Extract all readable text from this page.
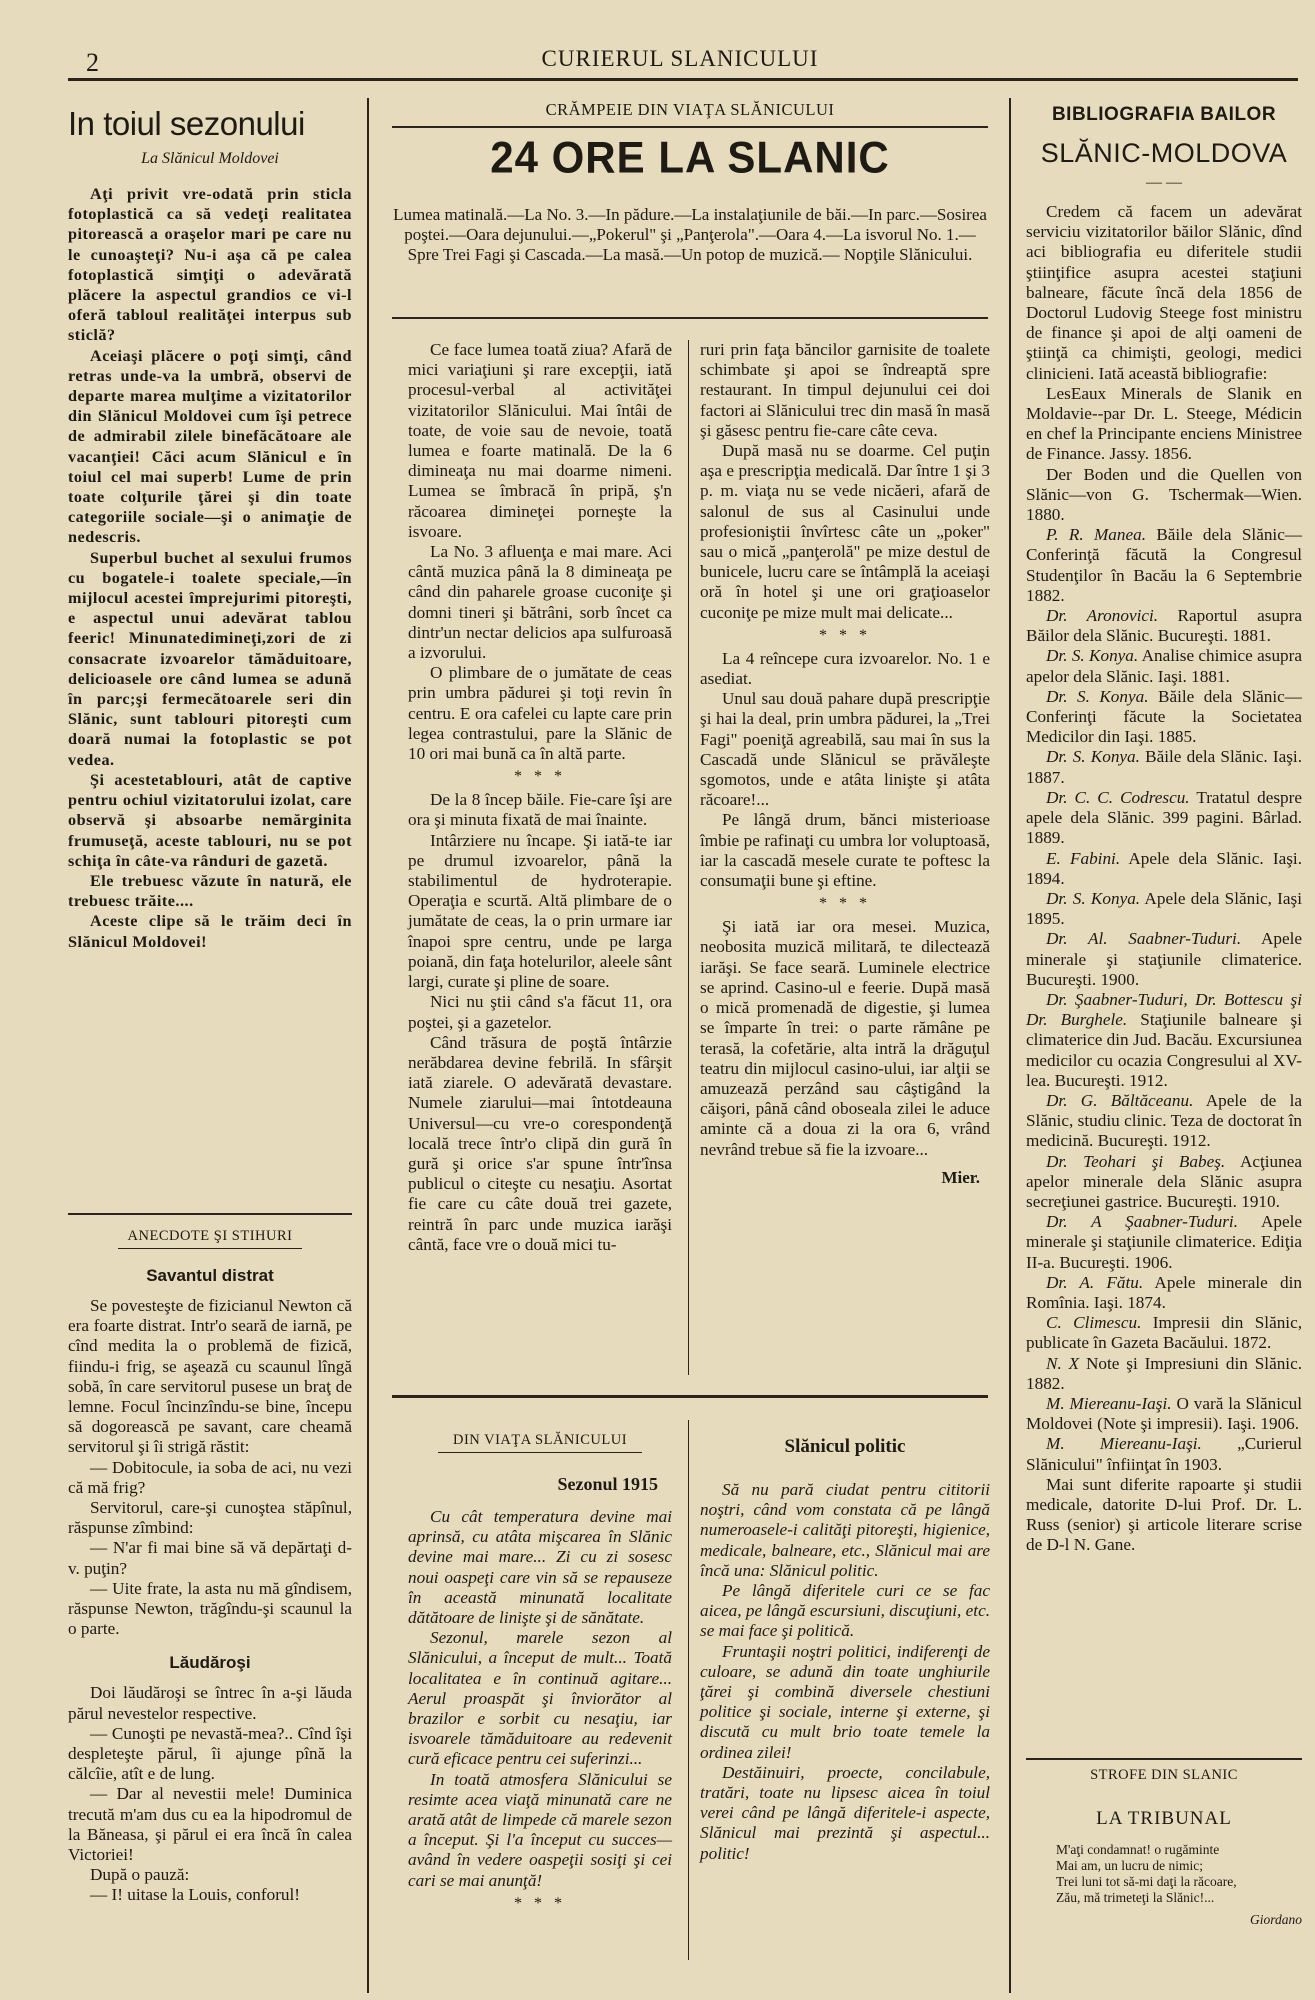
2	CURIERUL SLANICULUI
In toiul sezonului
La Slănicul Moldovei

Aţi privit vre-odată prin sticla fotoplastică ca să vedeţi realitatea pitorească a oraşelor mari pe care nu le cunoaşteţi? Nu-i aşa că pe calea fotoplastică simţiţi o adevărată plăcere la aspectul grandios ce vi-l oferă tabloul realităţei interpus sub sticlă?

Aceiaşi plăcere o poţi simţi, când retras unde-va la umbră, observi de departe marea mulţime a vizitatorilor din Slănicul Moldovei cum îşi petrece de admirabil zilele binefăcătoare ale vacanţiei! Căci acum Slănicul e în toiul cel mai superb! Lume de prin toate colţurile ţărei şi din toate categoriile sociale—şi o animaţie de nedescris.

Superbul buchet al sexului frumos cu bogatele-i toalete speciale,—în mijlocul acestei împrejurimi pitoreşti, e aspectul unui adevărat tablou feeric! Minunatedimineţi,zori de zi consacrate izvoarelor tămăduitoare, delicioasele ore când lumea se adună în parc;şi fermecătoarele seri din Slănic, sunt tablouri pitoreşti cum doară numai la fotoplastic se pot vedea.

Şi acestetablouri, atât de captive pentru ochiul vizitatorului izolat, care observă şi absoarbe nemărginita frumuseţă, aceste tablouri, nu se pot schiţa în câte-va rânduri de gazetă.

Ele trebuesc văzute în natură, ele trebuesc trăite....

Aceste clipe să le trăim deci în Slănicul Moldovei!

ANECDOTE ŞI STIHURI
Savantul distrat

Se povesteşte de fizicianul Newton că era foarte distrat. Intr'o seară de iarnă, pe cînd medita la o problemă de fizică, fiindu-i frig, se aşează cu scaunul lîngă sobă, în care servitorul pusese un braţ de lemne. Focul încinzîndu-se bine, începu să dogorească pe savant, care cheamă servitorul şi îi strigă răstit:

— Dobitocule, ia soba de aci, nu vezi că mă frig?

Servitorul, care-şi cunoştea stăpînul, răspunse zîmbind:

— N'ar fi mai bine să vă depărtaţi d-v. puţin?

— Uite frate, la asta nu mă gîndisem, răspunse Newton, trăgîndu-şi scaunul la o parte.

Lăudăroşi

Doi lăudăroşi se întrec în a-şi lăuda părul nevestelor respective.

— Cunoşti pe nevastă-mea?.. Cînd îşi despleteşte părul, îi ajunge pînă la călcîie, atît e de lung.

— Dar al nevestii mele! Duminica trecută m'am dus cu ea la hipodromul de la Băneasa, şi părul ei era încă în calea Victoriei!

După o pauză:

— I! uitase la Louis, conforul!

CRĂMPEIE DIN VIAŢA SLĂNICULUI
24 ORE LA SLANIC
Lumea matinală.—La No. 3.—In pădure.—La instalaţiunile de băi.—In parc.—Sosirea poştei.—Oara dejunului.—„Pokerul" şi „Panţerola".—Oara 4.—La isvorul No. 1.—Spre Trei Fagi şi Cascada.—La masă.—Un potop de muzică.— Nopţile Slănicului.

Ce face lumea toată ziua? Afară de mici variaţiuni şi rare excepţii, iată procesul-verbal al activităţei vizitatorilor Slănicului. Mai întâi de toate, de voie sau de nevoie, toată lumea e foarte matinală. De la 6 dimineaţa nu mai doarme nimeni. Lumea se îmbracă în pripă, ş'n răcoarea dimineţei porneşte la isvoare.

La No. 3 afluenţa e mai mare. Aci cântă muzica până la 8 dimineaţa pe când din paharele groase cuconiţe şi domni tineri şi bătrâni, sorb încet ca dintr'un nectar delicios apa sulfuroasă a izvorului.

O plimbare de o jumătate de ceas prin umbra pădurei şi toţi revin în centru. E ora cafelei cu lapte care prin legea contrastului, pare la Slănic de 10 ori mai bună ca în altă parte.

* * *

De la 8 încep băile. Fie-care îşi are ora şi minuta fixată de mai înainte.

Intârzierе nu încape. Şi iată-te iar pe drumul izvoarelor, până la stabilimentul de hydroterapie. Operaţia e scurtă. Altă plimbare de o jumătate de ceas, la o prin urmare iar înapoi spre centru, unde pe larga poiană, din faţa hotelurilor, aleele sânt largi, curate şi pline de soare.

Nici nu ştii când s'a făcut 11, ora poştei, şi a gazetelor.

Când trăsura de poştă întârzie nerăbdarea devine febrilă. In sfârşit iată ziarele. O adevărată devastare. Numele ziarului—mai întotdeauna Universul—cu vre-o corespondenţă locală trece într'o clipă din gură în gură şi orice s'ar spune într'însa publicul o citeşte cu nesaţiu. Asortat fie care cu câte două trei gazete, reintră în parc unde muzica iarăşi cântă, face vre o două mici tu-

ruri prin faţa băncilor garnisite de toalete schimbate şi apoi se îndreaptă spre restaurant. In timpul dejunului cei doi factori ai Slănicului trec din masă în masă şi găsesc pentru fie-care câte ceva.

După masă nu se doarme. Cel puţin aşa e prescripţia medicală. Dar între 1 şi 3 p. m. viaţa nu se vede nicăeri, afară de salonul de sus al Casinului unde profesioniştii învîrtesc câte un „poker" sau o mică „panţerolă" pe mize destul de bunicele, lucru care se întâmplă la aceiaşi oră în hotel şi une ori graţioaselor cuconiţe pe mize mult mai delicate...

* * *

La 4 reîncepe cura izvoarelor. No. 1 e asediat.

Unul sau două pahare după prescripţie şi hai la deal, prin umbra pădurei, la „Trei Fagi" poeniţă agreabilă, sau mai în sus la Cascadă unde Slănicul se prăvăleşte sgomotos, unde e atâta linişte şi atâta răcoare!...

Pe lângă drum, bănci misterioase îmbie pe rafinaţi cu umbra lor voluptoasă, iar la cascadă mesele curate te poftesc la consumaţii bune şi eftine.

* * *

Şi iată iar ora mesei. Muzica, neobosita muzică militară, te dilectează iarăşi. Se face seară. Luminele electrice se aprind. Casino-ul e feerie. După masă o mică promenadă de digestie, şi lumea se împarte în trei: o parte rămâne pe terasă, la cofetărie, alta intră la drăguţul teatru din mijlocul casino-ului, iar alţii se amuzează perzând sau câştigând la căişori, până când oboseala zilei le aduce aminte că a doua zi la ora 6, vrând nevrând trebue să fie la izvoare...

Mier.
DIN VIAŢA SLĂNICULUI
Sezonul 1915

Cu cât temperatura devine mai aprinsă, cu atâta mişcarea în Slănic devine mai mare... Zi cu zi sosesc noui oaspeţi care vin să se repauseze în această minunată localitate dătătoare de linişte şi de sănătate.

Sezonul, marele sezon al Slănicului, a început de mult... Toată localitatea e în continuă agitare... Aerul proaspăt şi înviorător al brazilor e sorbit cu nesaţiu, iar isvoarele tămăduitoare au redevenit cură eficace pentru cei suferinzi...

In toată atmosfera Slănicului se resimte acea viaţă minunată care ne arată atât de limpede că marele sezon a început. Şi l'a început cu succes—având în vedere oaspeţii sosiţi şi cei cari se mai anunţă!

* * *
Slănicul politic

Să nu pară ciudat pentru cititorii noştri, când vom constata că pe lângă numeroasele-i calităţi pitoreşti, higienice, medicale, balneare, etc., Slănicul mai are încă una: Slănicul politic.

Pe lângă diferitele curi ce se fac aicea, pe lângă escursiuni, discuţiuni, etc. se mai face şi politică.

Fruntaşii noştri politici, indiferenţi de culoare, se adună din toate unghiurile ţărei şi combină diversele chestiuni politice şi sociale, interne şi externe, şi discută cu mult brio toate temele la ordinea zilei!

Destăinuiri, proecte, concilabule, tratări, toate nu lipsesc aicea în toiul verei când pe lângă diferitele-i aspecte, Slănicul mai prezintă şi aspectul... politic!

BIBLIOGRAFIA BAILOR
SLĂNIC-MOLDOVA
— —

Credem că facem un adevărat serviciu vizitatorilor băilor Slănic, dînd aci bibliografia eu diferitele studii ştiinţifice asupra acestei staţiuni balneare, făcute încă dela 1856 de Doctorul Ludovig Steege fost ministru de finance şi apoi de alţi oameni de ştiinţă ca chimişti, geologi, medici clinicieni. Iată această bibliografie:

LesEaux Minerals de Slanik en Moldavie--par Dr. L. Steege, Médicin en chef la Principante enciens Ministree de Finance. Jassy. 1856.

Der Boden und die Quellen von Slănic—von G. Tschermak—Wien. 1880.

P. R. Manea. Băile dela Slănic—Conferinţă făcută la Congresul Studenţilor în Bacău la 6 Septembrie 1882.

Dr. Aronovici. Raportul asupra Băilor dela Slănic. Bucureşti. 1881.

Dr. S. Konya. Analise chimice asupra apelor dela Slănic. Iaşi. 1881.

Dr. S. Konya. Băile dela Slănic—Conferinţi făcute la Societatea Medicilor din Iaşi. 1885.

Dr. S. Konya. Băile dela Slănic. Iaşi. 1887.

Dr. C. C. Codrescu. Tratatul despre apele dela Slănic. 399 pagini. Bârlad. 1889.

E. Fabini. Apele dela Slănic. Iaşi. 1894.

Dr. S. Konya. Apele dela Slănic, Iaşi 1895.

Dr. Al. Saabner-Tuduri. Apele minerale şi staţiunile climaterice. Bucureşti. 1900.

Dr. Şaabner-Tuduri, Dr. Bottescu şi Dr. Burghele. Staţiunile balneare şi climaterice din Jud. Bacău. Excursiunea medicilor cu ocazia Congresului al XV-lea. Bucureşti. 1912.

Dr. G. Băltăceanu. Apele de la Slănic, studiu clinic. Teza de doctorat în medicină. Bucureşti. 1912.

Dr. Teohari şi Babeş. Acţiunea apelor minerale dela Slănic asupra secreţiunei gastrice. Bucureşti. 1910.

Dr. A Şaabner-Tuduri. Apele minerale şi staţiunile climaterice. Ediţia II-a. Bucureşti. 1906.

Dr. A. Fătu. Apele minerale din Romînia. Iaşi. 1874.

C. Climescu. Impresii din Slănic, publicate în Gazeta Bacăului. 1872.

N. X Note şi Impresiuni din Slănic. 1882.

M. Miereanu-Iaşi. O vară la Slănicul Moldovei (Note şi impresii). Iaşi. 1906.

M. Miereanu-Iaşi. „Curierul Slănicului" înfiinţat în 1903.

Mai sunt diferite rapoarte şi studii medicale, datorite D-lui Prof. Dr. L. Russ (senior) şi articole literare scrise de D-l N. Gane.

STROFE DIN SLANIC
LA TRIBUNAL
M'aţi condamnat! o rugăminte
Mai am, un lucru de nimic;
Trei luni tot să-mi daţi la răcoare,
Zău, mă trimeteţi la Slănic!...
Giordano
